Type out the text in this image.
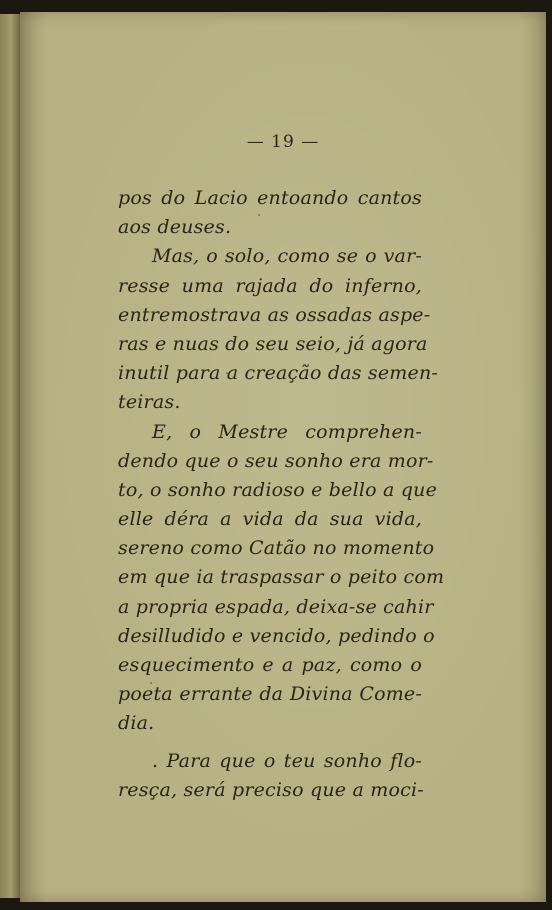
— 19 —

pos do Lacio entoando cantos
aos deuses.
Mas, o solo, como se o var-
resse uma rajada do inferno,
entremostrava as ossadas aspe-
ras e nuas do seu seio, já agora
inutil para a creação das semen-
teiras.
E, o Mestre comprehen-
dendo que o seu sonho era mor-
to, o sonho radioso e bello a que
elle déra a vida da sua vida,
sereno como Catão no momento
em que ia traspassar o peito com
a propria espada, deixa-se cahir
desilludido e vencido, pedindo o
esquecimento e a paz, como o
poeta errante da Divina Come-
dia.
. Para que o teu sonho flo-
resça, será preciso que a moci-
